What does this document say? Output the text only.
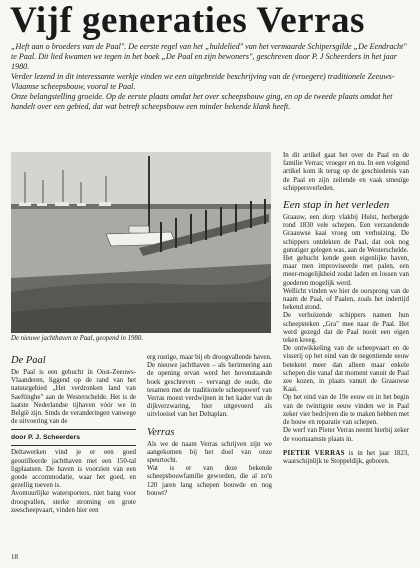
Vijf generaties Verras

„Heft aan o broeders van de Paal". De eerste regel van het „huldelied" van het vermaarde Schipersgilde „De Eendracht" te Paal. Dit lied kwamen we tegen in het boek „De Paal en zijn bewoners", geschreven door P. J Scheerders in het jaar 1980.

Verder lezend in dit interessante werkje vinden we een uitgebreide beschrijving van de (vroegere) traditionele Zeeuws-Vlaamse scheepsbouw, vooral te Paal.

Onze belangstelling groeide. Op de eerste plaats omdat het over scheepsbouw ging, en op de tweede plaats omdat het handelt over een gebied, dat wat betreft scheepsbouw een minder bekende klank heeft.

De nieuwe jachthaven te Paal, geopend in 1980.
De Paal

De Paal is een gehucht in Oost-Zeeuws-Vlaanderen, liggend op de rand van het natuurgebied „Het verdronken land van Saeftinghe" aan de Westerschelde. Het is de laatste Nederlandse tijhaven vóór we in België zijn. Sinds de veranderingen vanwege de uitvoering van de

door P. J. Scheerders

Deltawerken vind je er een goed geoutilleerde jachthaven met een 150-tal ligplaatsen. De haven is voorzien van een goede accommodatie, waar het goed, en gezellig toeven is.

Avontuurlijke watersporters, niet bang voor droogvallen, sterke stroming en grote zeescheepvaart, vinden hier een

erg rustige, maar bij eb droogvallende haven.

De nieuwe jachthaven – als herinnering aan de opening ervan werd het hovenstaande boek geschreven – vervangt de oude, die tesamen met de traditionele scheepswerf van Verras moest verdwijnen in het kader van de dijkverzwaring, hier uitgevoerd als uitvloeisel van het Deltaplan.

Verras

Als we de naam Verras schrijven zijn we aangekomen bij het doel van onze speurtocht.

Wat is er van deze bekende scheepsbouwfamilie geworden, die al zo'n 120 jaren lang schepen bouwde en nog bouwt?

In dit artikel gaat het over de Paal en de familie Verras; vroeger en nu. In een volgend artikel kom ik terug op de geschiedenis van de Paal en zijn zeilende en vaak smeuïge schippersverleden.

Een stap in het verleden

Graauw, een dorp vlakbij Hulst, herbergde rond 1830 vele schepen. Een verzandende Graauwse kaai vroeg om verhuizing. De schippers ontdekten de Paal, dat ook nog gunstiger gelegen was, aan de Westerschelde.

Het gehucht kende geen eigenlijke haven, maar men improviseerde met palen, een meer-mogelijkheid zodat laden en lossen van goederen mogelijk werd.

Wellicht vinden we hier de oorsprong van de naam de Paal, of Paalen, zoals het indertijd bekend stond.

De verhuizende schippers namen hun scheepsteken „Gra" mee naar de Paal. Het werd gezegd dat de Paal nooit een eigen teken kreeg.

De ontwikkeling van de scheepvaart en de visserij op het eind van de negentiende eeuw betekent meer dan alleen maar enkele schepen die vanaf dat moment vanuit de Paal zee kozen, in plaats vanuit de Graauwse Kaai.

Op het eind van de 19e eeuw en in het begin van de twintigste eeuw vinden we in Paal zeker vier bedrijven die te maken hebben met de bouw en reparatie van schepen.

De werf van Pieter Verras neemt hierbij zeker de voornaamste plaats in.

PIETER VERRAS is in het jaar 1823, waarschijnlijk te Stoppeldijk, geboren.

18
